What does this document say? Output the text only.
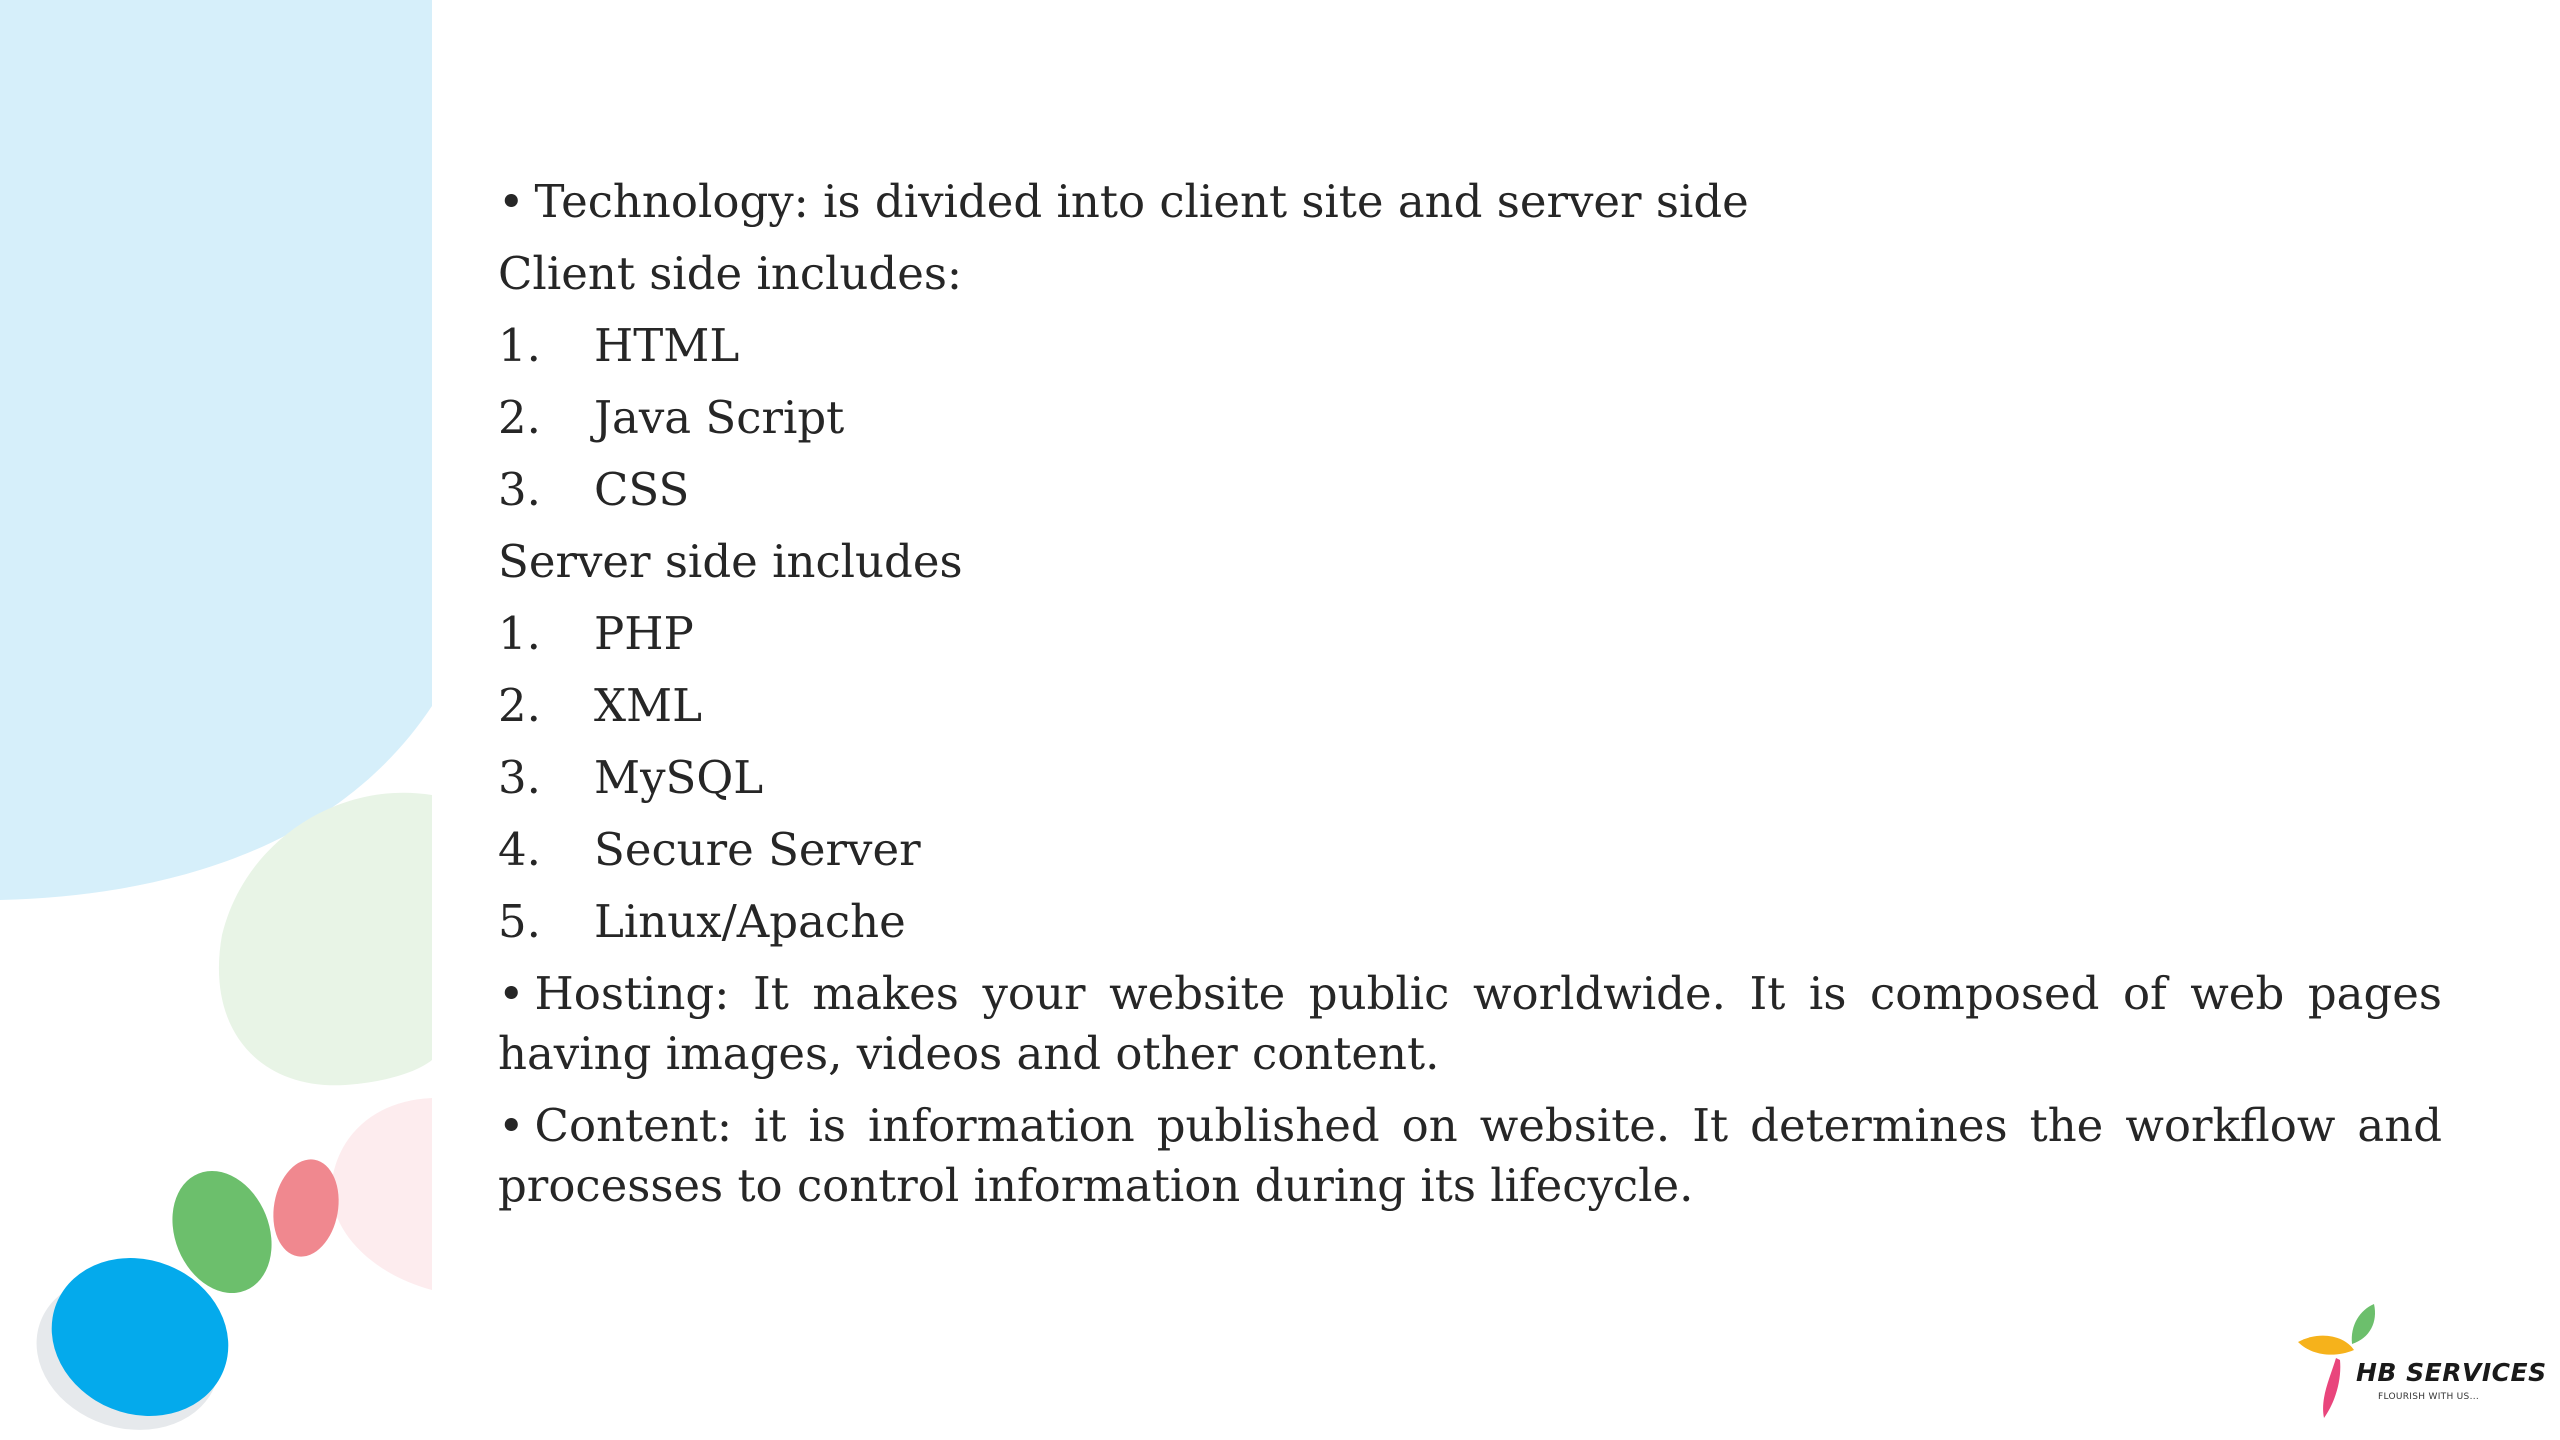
• Technology: is divided into client site and server side

Client side includes:

1.	HTML
2.	Java Script
3.	CSS

Server side includes

1.	PHP
2.	XML
3.	MySQL
4.	Secure Server
5.	Linux/Apache

• Hosting: It makes your website public worldwide. It is composed of web pages having images, videos and other content.

• Content: it is information published on website. It determines the workflow and processes to control information during its lifecycle.

HB SERVICES
FLOURISH WITH US...
